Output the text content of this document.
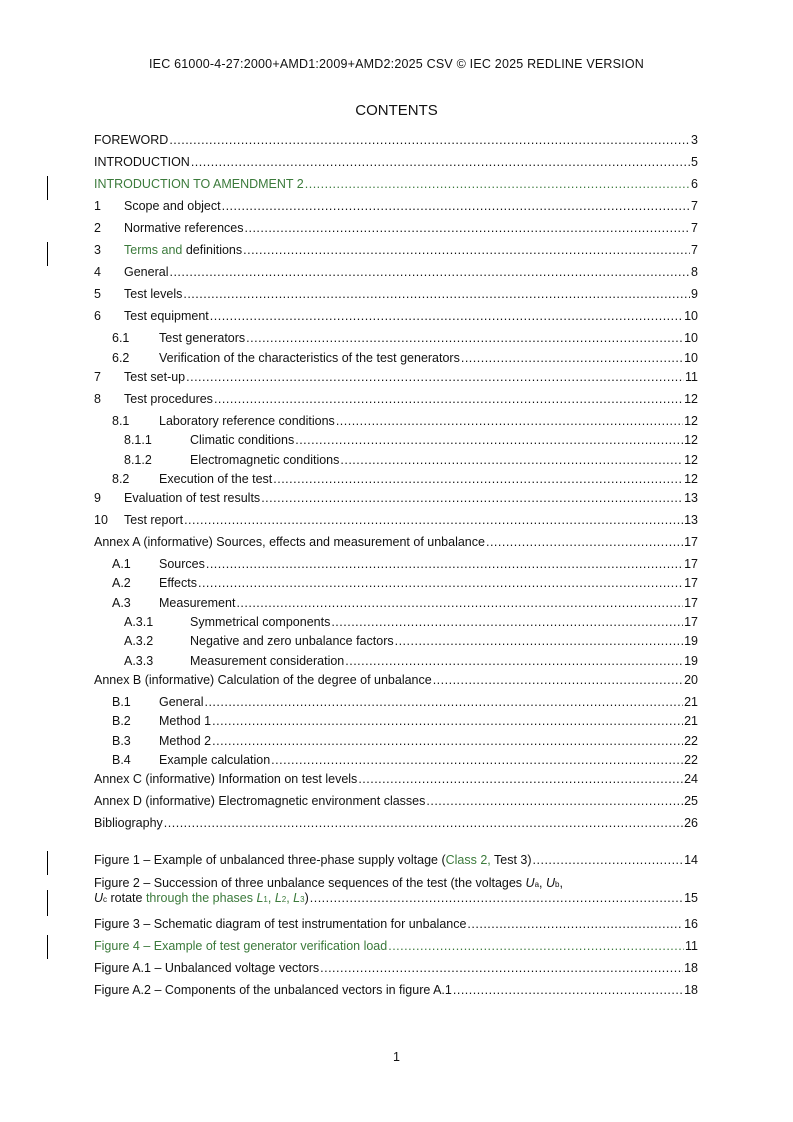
IEC 61000-4-27:2000+AMD1:2009+AMD2:2025 CSV © IEC 2025 REDLINE VERSION
CONTENTS
FOREWORD .....	3
INTRODUCTION .....	5
INTRODUCTION TO AMENDMENT 2 .....	6
1	Scope and object .....	7
2	Normative references .....	7
3	Terms and definitions .....	7
4	General .....	8
5	Test levels .....	9
6	Test equipment .....	10
6.1	Test generators .....	10
6.2	Verification of the characteristics of the test generators .....	10
7	Test set-up .....	11
8	Test procedures .....	12
8.1	Laboratory reference conditions .....	12
8.1.1	Climatic conditions .....	12
8.1.2	Electromagnetic conditions .....	12
8.2	Execution of the test .....	12
9	Evaluation of test results .....	13
10	Test report .....	13
Annex A (informative) Sources, effects and measurement of unbalance .....	17
A.1	Sources .....	17
A.2	Effects .....	17
A.3	Measurement .....	17
A.3.1	Symmetrical components .....	17
A.3.2	Negative and zero unbalance factors .....	19
A.3.3	Measurement consideration .....	19
Annex B (informative) Calculation of the degree of unbalance .....	20
B.1	General .....	21
B.2	Method 1 .....	21
B.3	Method 2 .....	22
B.4	Example calculation .....	22
Annex C (informative) Information on test levels .....	24
Annex D (informative) Electromagnetic environment classes .....	25
Bibliography .....	26
Figure 1 – Example of unbalanced three-phase supply voltage ( Class 2, Test 3) .....	14
Figure 2 – Succession of three unbalance sequences of the test (the voltages Ua, Ub,
U c rotate through the phases L 1 , L 2 , L 3 ) .....	15
Figure 3 – Schematic diagram of test instrumentation for unbalance .....	16
Figure 4 – Example of test generator verification load .....	11
Figure A.1 – Unbalanced voltage vectors .....	18
Figure A.2 – Components of the unbalanced vectors in figure A.1 .....	18
1
